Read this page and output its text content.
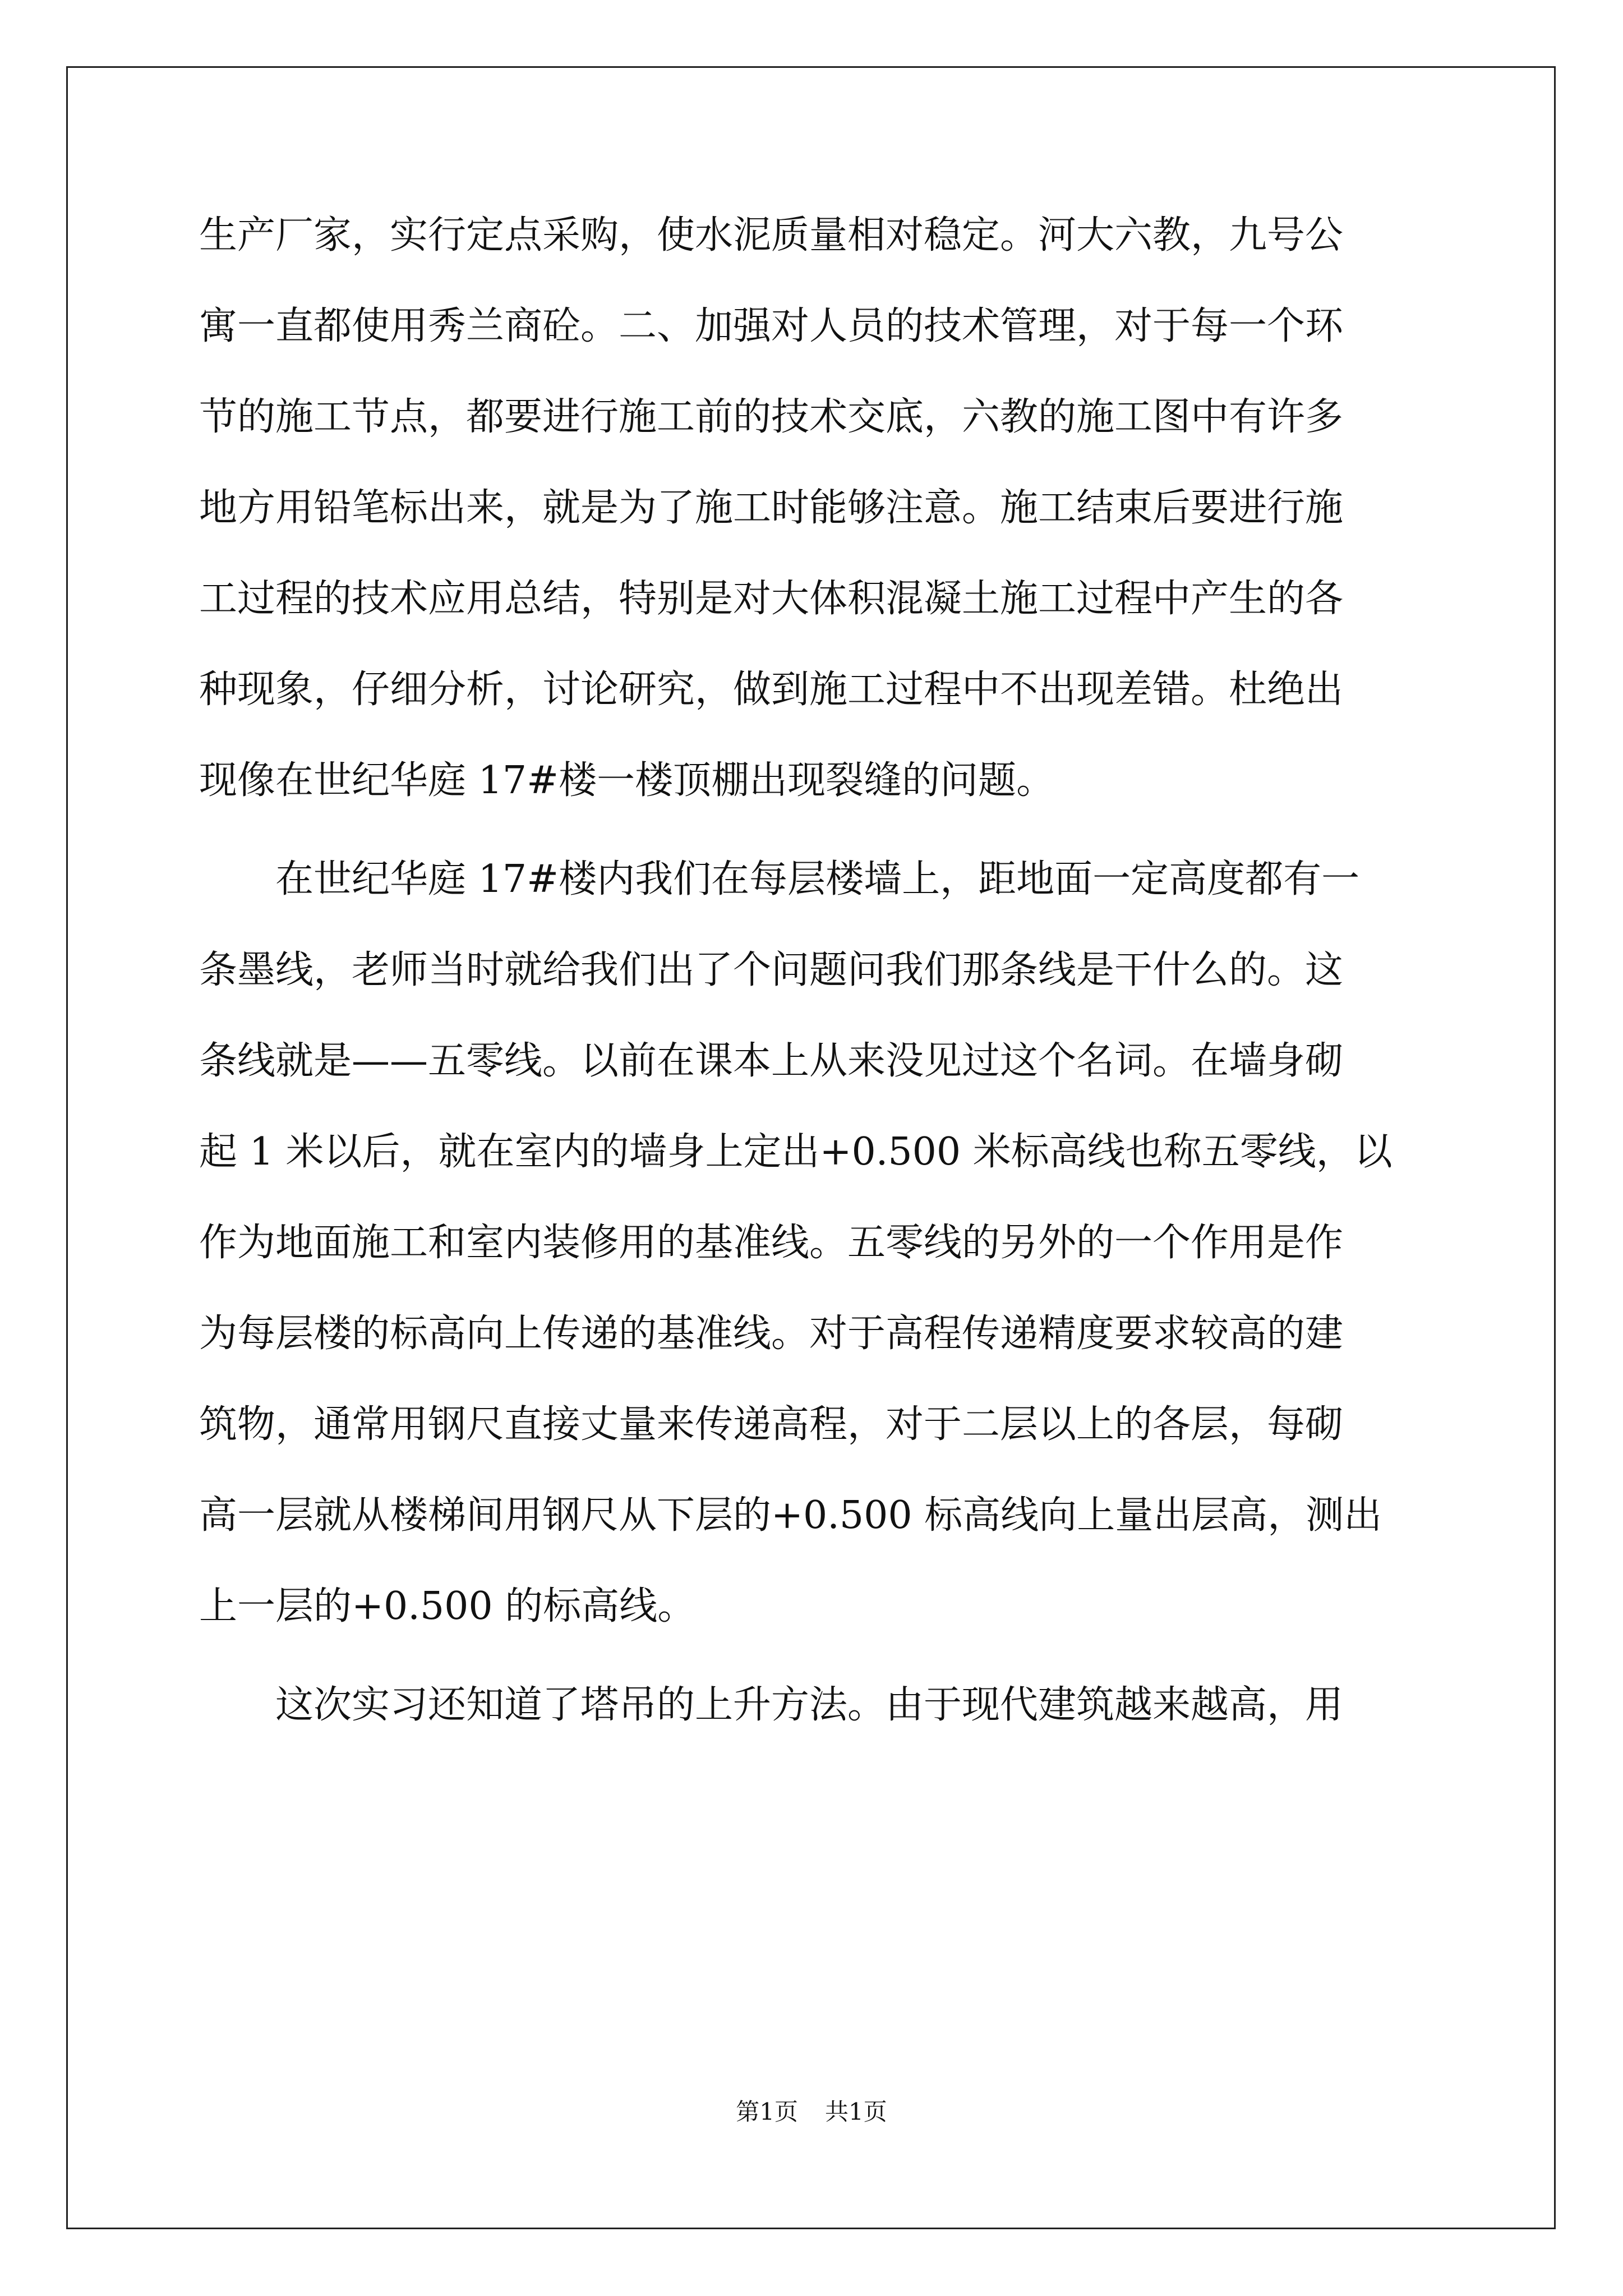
生产厂家，实行定点采购，使水泥质量相对稳定。河大六教，九号公
寓一直都使用秀兰商砼。二、加强对人员的技术管理，对于每一个环
节的施工节点，都要进行施工前的技术交底，六教的施工图中有许多
地方用铅笔标出来，就是为了施工时能够注意。施工结束后要进行施
工过程的技术应用总结，特别是对大体积混凝土施工过程中产生的各
种现象，仔细分析，讨论研究，做到施工过程中不出现差错。杜绝出
现像在世纪华庭 17#楼一楼顶棚出现裂缝的问题。
在世纪华庭 17#楼内我们在每层楼墙上，距地面一定高度都有一
条墨线，老师当时就给我们出了个问题问我们那条线是干什么的。这
条线就是——五零线。以前在课本上从来没见过这个名词。在墙身砌
起 1 米以后，就在室内的墙身上定出+0.500 米标高线也称五零线，以
作为地面施工和室内装修用的基准线。五零线的另外的一个作用是作
为每层楼的标高向上传递的基准线。对于高程传递精度要求较高的建
筑物，通常用钢尺直接丈量来传递高程，对于二层以上的各层，每砌
高一层就从楼梯间用钢尺从下层的+0.500 标高线向上量出层高，测出
上一层的+0.500 的标高线。
这次实习还知道了塔吊的上升方法。由于现代建筑越来越高，用
第1页 共1页
